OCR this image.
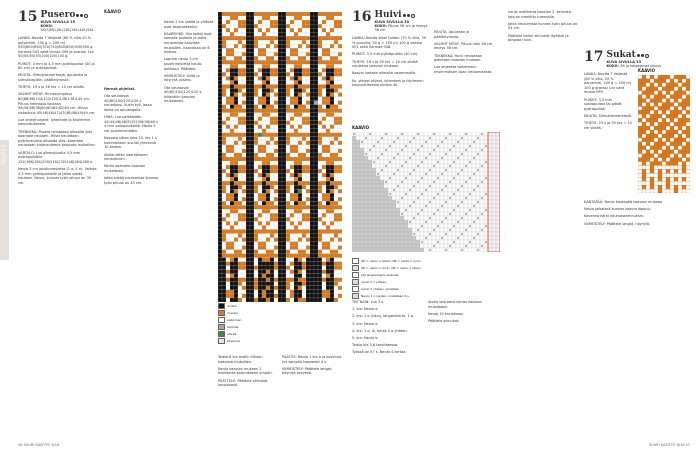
OHJEET
15 Pusero
KUVA SIVULLA 25
KOKO: XS(S)M(L)XL(2XL)3XL(4XL)5XL

LANKA: Novita 7 Veljestä (80 % villa 20 % polyamidi, 100 g = 200 m) 550(600)650(700)750(800)850(900)950 g harmaa 043 sekä musta 099 ja oranssi 1xx 50(50)50(50)100(100)100 g.

PUIKOT: 4 mm ja 4,5 mm pyöröpuikot (40 ja 80 cm) ja sukkapuikot.

MUUTA: Silmukkamerkkejä, apulanka ja silmukkapidin, päättelyneula.

TIHEYS: 19 s ja 26 krs = 10 cm sileää.

VALMIIT MITAT: Rinnanympärys 80(88)96(104)112(120)128(136)144 cm. Pituus helmasta kaulaan 56(56)58(58)60(60)62(62)64 cm. Hihan sisäpituus 45(46)46(47)47(48)48(49)49 cm.

Lue ohjeet ohjeet, lyhenteet ja tiiviimmin kasvustuksesta.

TEKNIIKKA: Pusero neulotaan alhaalta ylös kaarroke neuloen. Hihat neulotaan pyöröneulana alhaalta ylös. Kaarroke neulotaan kirjoneuleena kaaviota mukaillen.

VARTALO: Luo alkeisviivalla 4,5 mm pyöröpuikoille 152(168)184(200)216(232)248(264)280 s.

Neulo 3 cm joustinneuletta (1 o, 1 n). Vaihda 4,5 mm pyöröpuikoille ja jatka sileää neuloen. Neulo, kunnes työn pituus on 35 cm.

KAAVIO
Hernat ohjeiksi.

Ota seuraavat 40(80)100(120)120 s neulotuksi. Kukin työ, jossa lanka on apulangalla.

HIHA: Luo pelkästään 44(44)48(48)52(52)56(56)60 s 4 mm sukkapuikoille. Neulo 5 cm joustinneuletta.

Kasvata sitten joka 10. krs 1 s kummallakin sivulla yhteensä 10 kertaa.

Aloita sitten kaarrokkeen neulominen.

Neulo kaarroke kaavion mukaisesti.

Jatka sileää neulomista kunnes työn pituus on 45 cm.

Neulo 2 krs sileää ja yhdistä osat kaarrokkeeksi.

KAARROKE: Ota kaikki osat samalle puikolle ja jatka neulomista kaaviota mukaillen. Kaaviossa on 6 toistoa.

Lopuksi neulo 3 cm joustinneuletta kaula-aukkoon. Päättele.

VIIMEISTELY: Silitä ja höyrytä pusero.

Ota seuraavat 40(80)100(120)120 s, kiilaväliin kaavion mukaisesti.

musta
oranssi
valkoinen
harmaa
vihreä
kavenna

Toista 8 krs mallin hihaan kaaviota mukaillen.

Neulo kaavion mukaan 1 mallikerta kaarrokkeen ympäri.

PÄÄTTELE: Päättele silmukat joustavasti.

PÄÄTÖS: Neulo 1 krs o ja kavenna krs samalla tasaisesti 4 s.

VIIMEISTELY: Päättele langat, höyrytä kevyesti.

46 SUURI KÄSITYÖ 8/16
16 Huivi
KUVA SIVULLA 30
KOKO: Pituus 56 cm ja leveys 36 cm

LANKA: Novita Wool Cotton (70 % villa, 30 % puuvilla, 50 g = 150 m) 100 g vaalea 001 sekä harmaa 048.

PUIKOT: 3,5 mm pyöröpuikko (40 cm).

TIHEYS: 16 s ja 30 krs = 10 cm sileää neuleena kaavion mukaan.

Kaavio luetaan oikealta vasemmalle.

Ks. yleiset ohjeet, lyhenteet ja tiiviimmin kasvustuksesta sivulta 40.

MUUTA: Apulanka ja päättelyneula.

VALMIIT MITAT: Pituus noin 56 cm, leveys 36 cm.

TEKNIIKKA: Huivi neulotaan poikittain kaavion mukaan.

Lue ohjeesta tarkemmin ensimmäisen osan neulomisesta.

KAAVIO
OP = neulo o oikein, NP = neulo o nurin
OP = neulo o nurin, NP = neulo o oikein
ota langankierto puikolle
neulo 2 o yhteen
neulo 2 yhteen, ylivetäen
Neulo 1 o vieden, nostetaan 2 s

TEE NAIN: Luo 3 s.

1. krs: Neulo o.

2. krs: 1 o (siksi), langankierto, 1 o.

3. krs: Neulo o.

4. krs: 1 o, lk, neulo 2 o yhteen.

5. krs: Neulo o.

Toista krs 3-6 tarvittaessa.

Työssä on 57 s. Neulo 4 kertaa.

Aloita seuraava kerros kaavion mukaisesti.

Neulo 10 krs oikeaa.

Päättele silmukat.

neulo mallikerta kaavion 2. kerrosta, jota on merkitty tummalla.

Jatka neulomista kunnes työn pituus on 54 cm.

Päättele kaikki silmukat löyhästi ja pingota huivi.

17 Sukat
KUVA SIVULLA 33
KOKO: 36 ja halaksimet pituus

LANKA: Novita 7 Veljestä (80 % villa, 20 % polyamidi, 100 g = 200 m) 100 g oranssi 1xx sekä musta 099.

PUIKOT: 3,5 mm sukkapuikot tai pitkät pyöröpuikot.

MUUTA: Silmukkamerkkejä.

TIHEYS: 23 s ja 30 krs = 10 cm sileää.

KAAVIO

KANTAPÄÄ: Neulo kantapää kaavion mukaan.

Neulo jalkaterä kunnes kaavio loppuu.

Kavenna kärki nauhakavennuksin.

VIIMEISTELY: Päättele langat, höyrytä.

SUURI KÄSITYÖ 8/16 47
